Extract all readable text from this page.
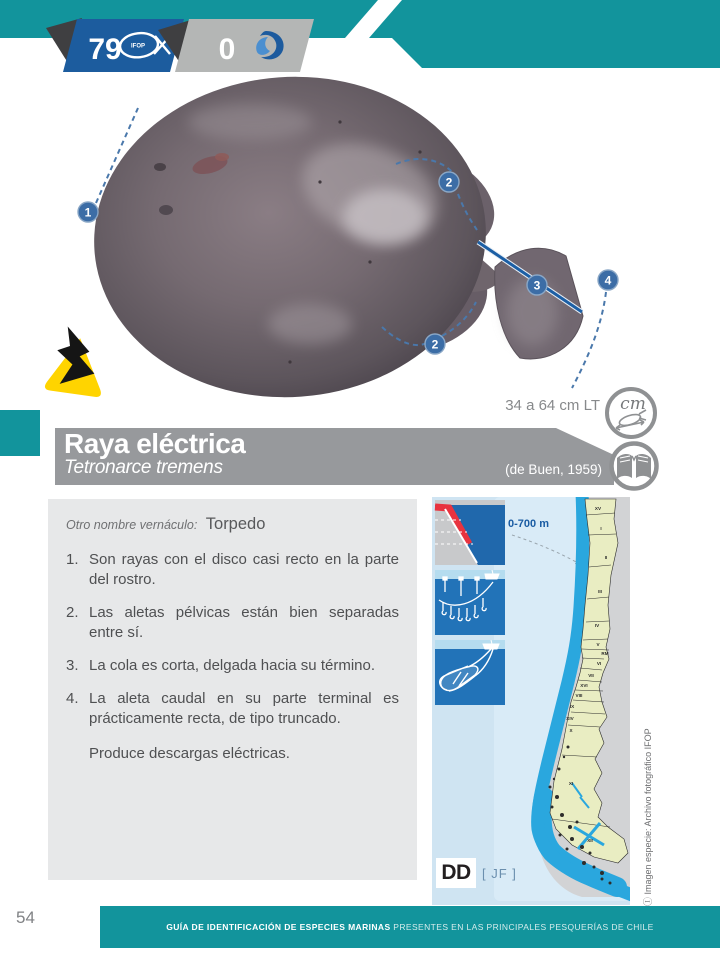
79 IFOP 0
1
2
2
3	4
Raya eléctrica
Tetronarce tremens	(de Buen, 1959)
34 a 64 cm LT cm
Otro nombre vernáculo: Torpedo
1. Son rayas con el disco casi recto en la parte del rostro.
2. Las aletas pélvicas están bien separadas entre sí.
3. La cola es corta, delgada hacia su término.
4. La aleta caudal en su parte terminal es prácticamente recta, de tipo truncado.
Produce descargas eléctricas.
XV
I
II
III
IV
V
RM
VI
VII
XVI
VIII
IX
XIV
X
XI
XII
0-700 m
DD [ JF ]	Ⓘ Imagen especie: Archivo fotográfico IFOP
54	GUÍA DE IDENTIFICACIÓN DE ESPECIES MARINAS PRESENTES EN LAS PRINCIPALES PESQUERÍAS DE CHILE
